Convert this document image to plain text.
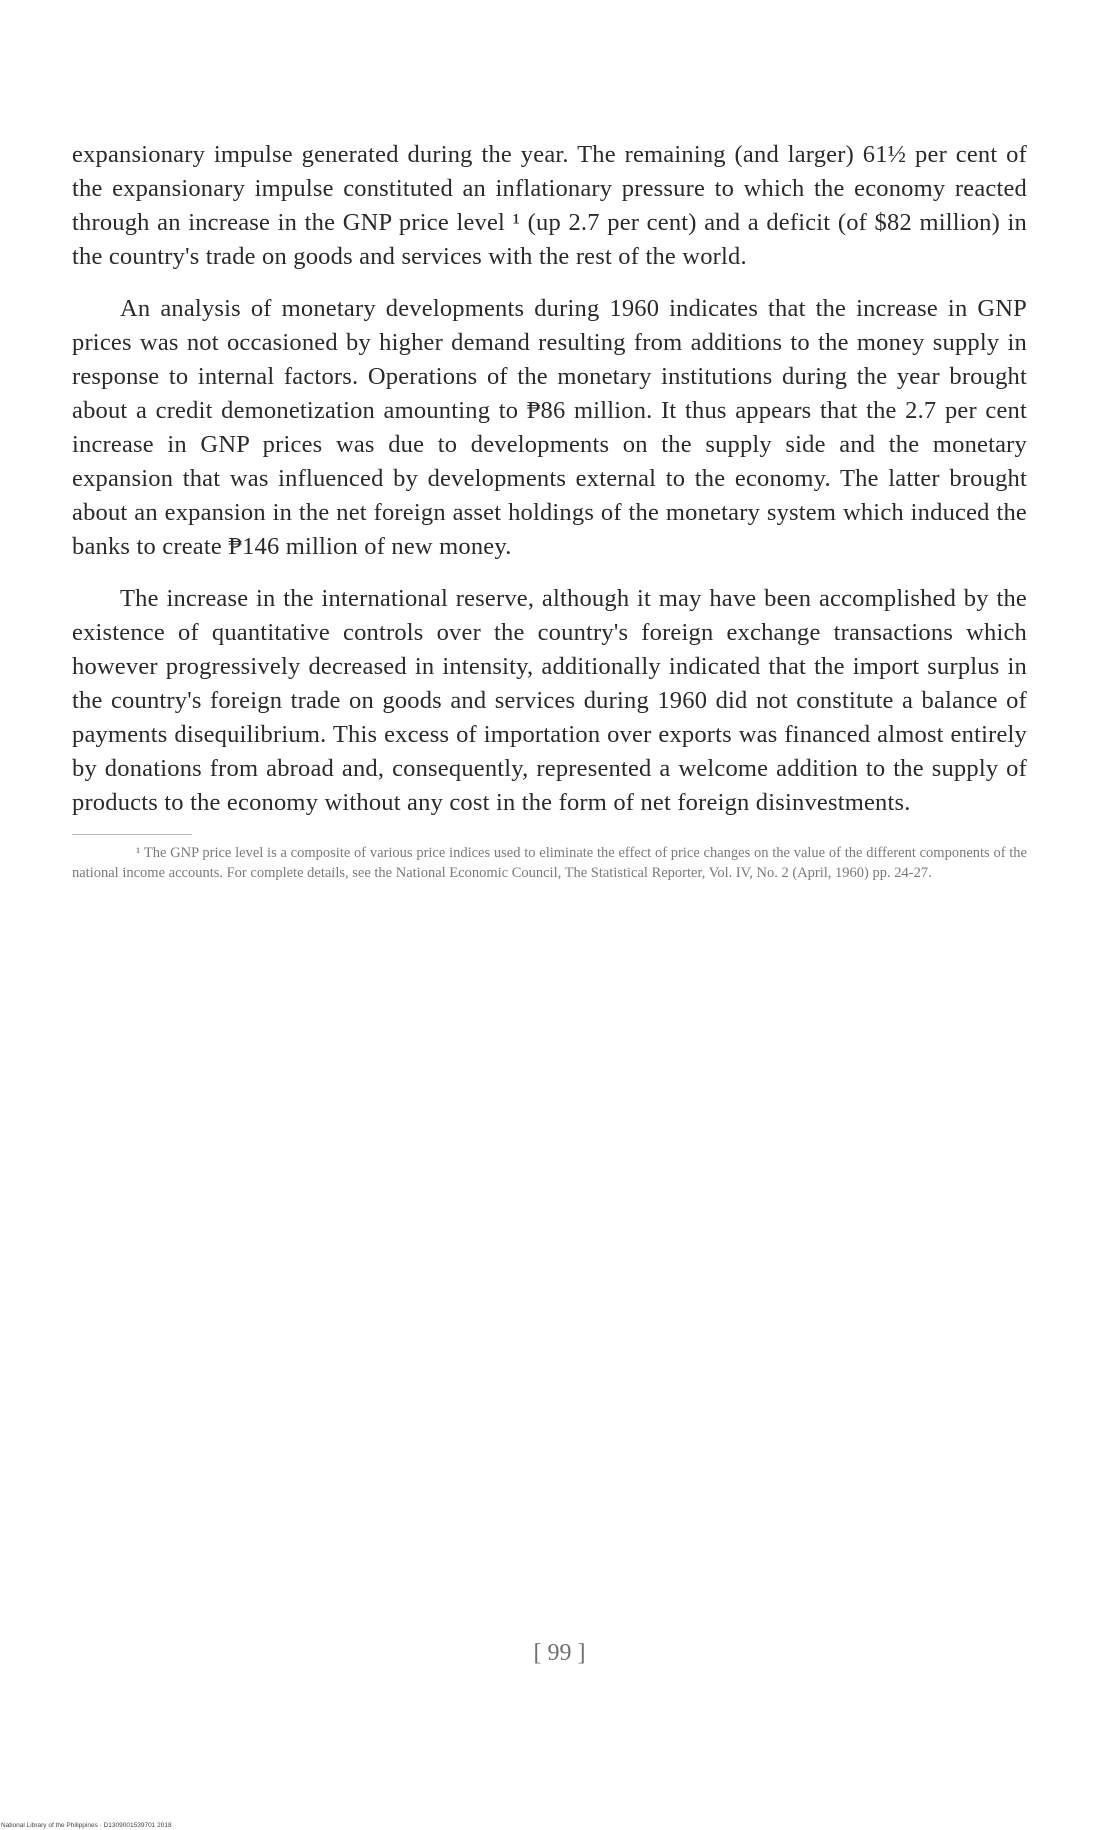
expansionary impulse generated during the year. The remaining (and larger) 61½ per cent of the expansionary impulse constituted an inflationary pressure to which the economy reacted through an increase in the GNP price level ¹ (up 2.7 per cent) and a deficit (of $82 million) in the country's trade on goods and services with the rest of the world.

An analysis of monetary developments during 1960 indicates that the increase in GNP prices was not occasioned by higher demand resulting from additions to the money supply in response to internal factors. Operations of the monetary institutions during the year brought about a credit demonetization amounting to ₱86 million. It thus appears that the 2.7 per cent increase in GNP prices was due to developments on the supply side and the monetary expansion that was influenced by developments external to the economy. The latter brought about an expansion in the net foreign asset holdings of the monetary system which induced the banks to create ₱146 million of new money.

The increase in the international reserve, although it may have been accomplished by the existence of quantitative controls over the country's foreign exchange transactions which however progressively decreased in intensity, additionally indicated that the import surplus in the country's foreign trade on goods and services during 1960 did not constitute a balance of payments disequilibrium. This excess of importation over exports was financed almost entirely by donations from abroad and, consequently, represented a welcome addition to the supply of products to the economy without any cost in the form of net foreign disinvestments.

¹ The GNP price level is a composite of various price indices used to eliminate the effect of price changes on the value of the different components of the national income accounts. For complete details, see the National Economic Council, The Statistical Reporter, Vol. IV, No. 2 (April, 1960) pp. 24-27.

[ 99 ]
National Library of the Philippines · D1309001539701 2018
